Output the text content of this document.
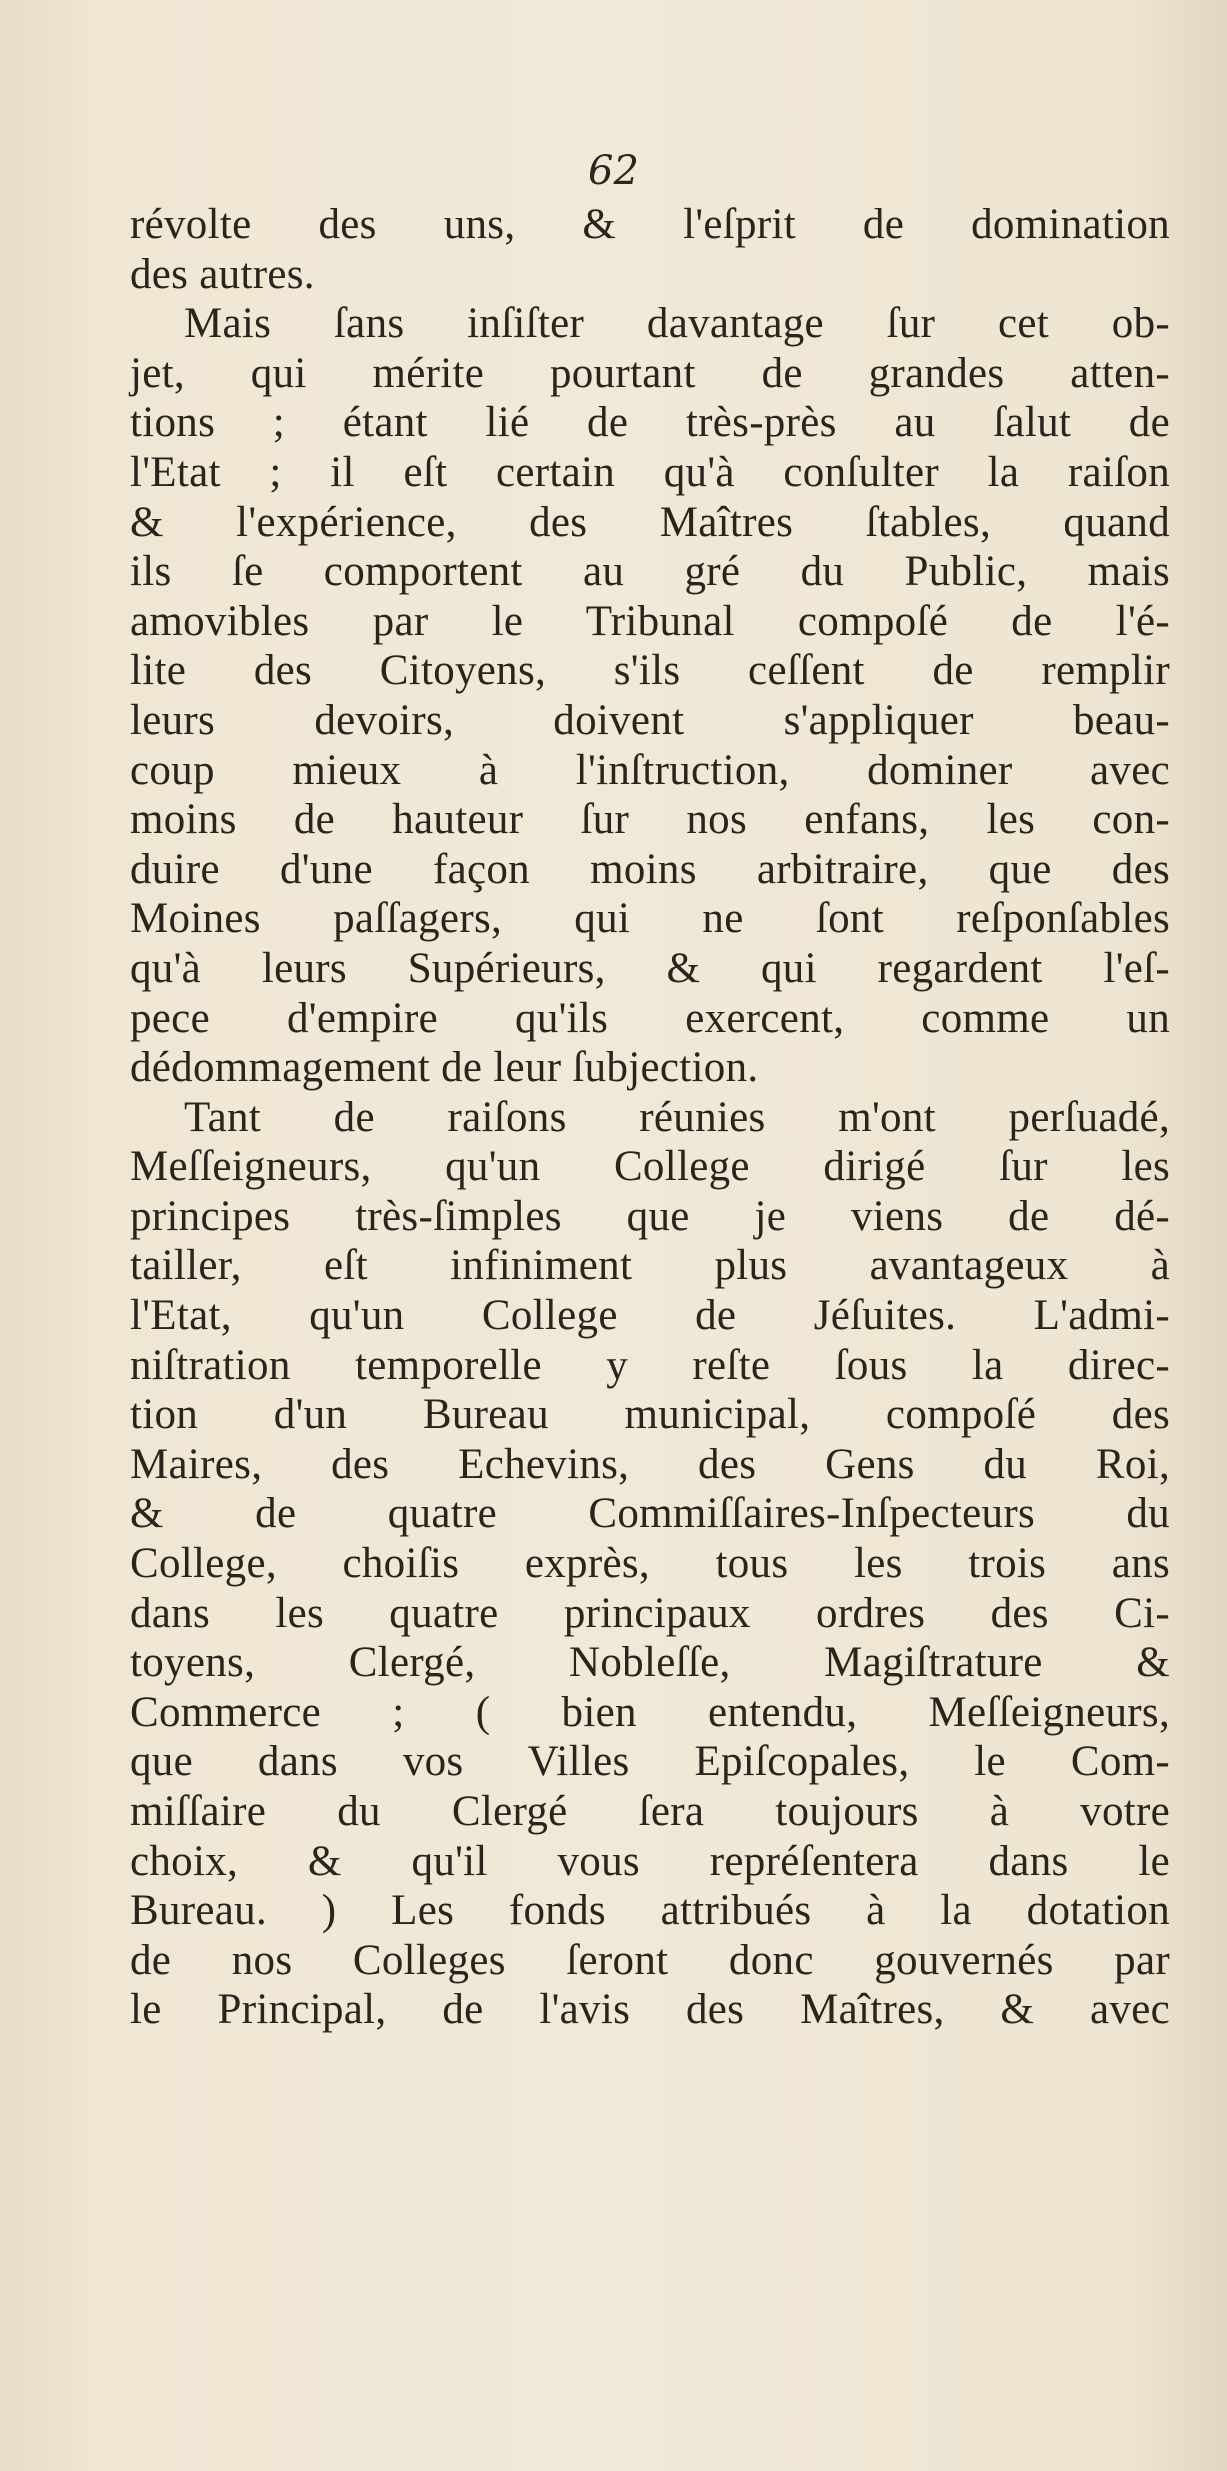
62

révolte des uns, & l'eſprit de domination
des autres.
Mais ſans inſiſter davantage ſur cet ob-
jet, qui mérite pourtant de grandes atten-
tions ; étant lié de très-près au ſalut de
l'Etat ; il eſt certain qu'à conſulter la raiſon
& l'expérience, des Maîtres ſtables, quand
ils ſe comportent au gré du Public, mais
amovibles par le Tribunal compoſé de l'é-
lite des Citoyens, s'ils ceſſent de remplir
leurs devoirs, doivent s'appliquer beau-
coup mieux à l'inſtruction, dominer avec
moins de hauteur ſur nos enfans, les con-
duire d'une façon moins arbitraire, que des
Moines paſſagers, qui ne ſont reſponſables
qu'à leurs Supérieurs, & qui regardent l'eſ-
pece d'empire qu'ils exercent, comme un
dédommagement de leur ſubjection.
Tant de raiſons réunies m'ont perſuadé,
Meſſeigneurs, qu'un College dirigé ſur les
principes très-ſimples que je viens de dé-
tailler, eſt infiniment plus avantageux à
l'Etat, qu'un College de Jéſuites. L'admi-
niſtration temporelle y reſte ſous la direc-
tion d'un Bureau municipal, compoſé des
Maires, des Echevins, des Gens du Roi,
& de quatre Commiſſaires-Inſpecteurs du
College, choiſis exprès, tous les trois ans
dans les quatre principaux ordres des Ci-
toyens, Clergé, Nobleſſe, Magiſtrature &
Commerce ; ( bien entendu, Meſſeigneurs,
que dans vos Villes Epiſcopales, le Com-
miſſaire du Clergé ſera toujours à votre
choix, & qu'il vous repréſentera dans le
Bureau. ) Les fonds attribués à la dotation
de nos Colleges ſeront donc gouvernés par
le Principal, de l'avis des Maîtres, & avec
